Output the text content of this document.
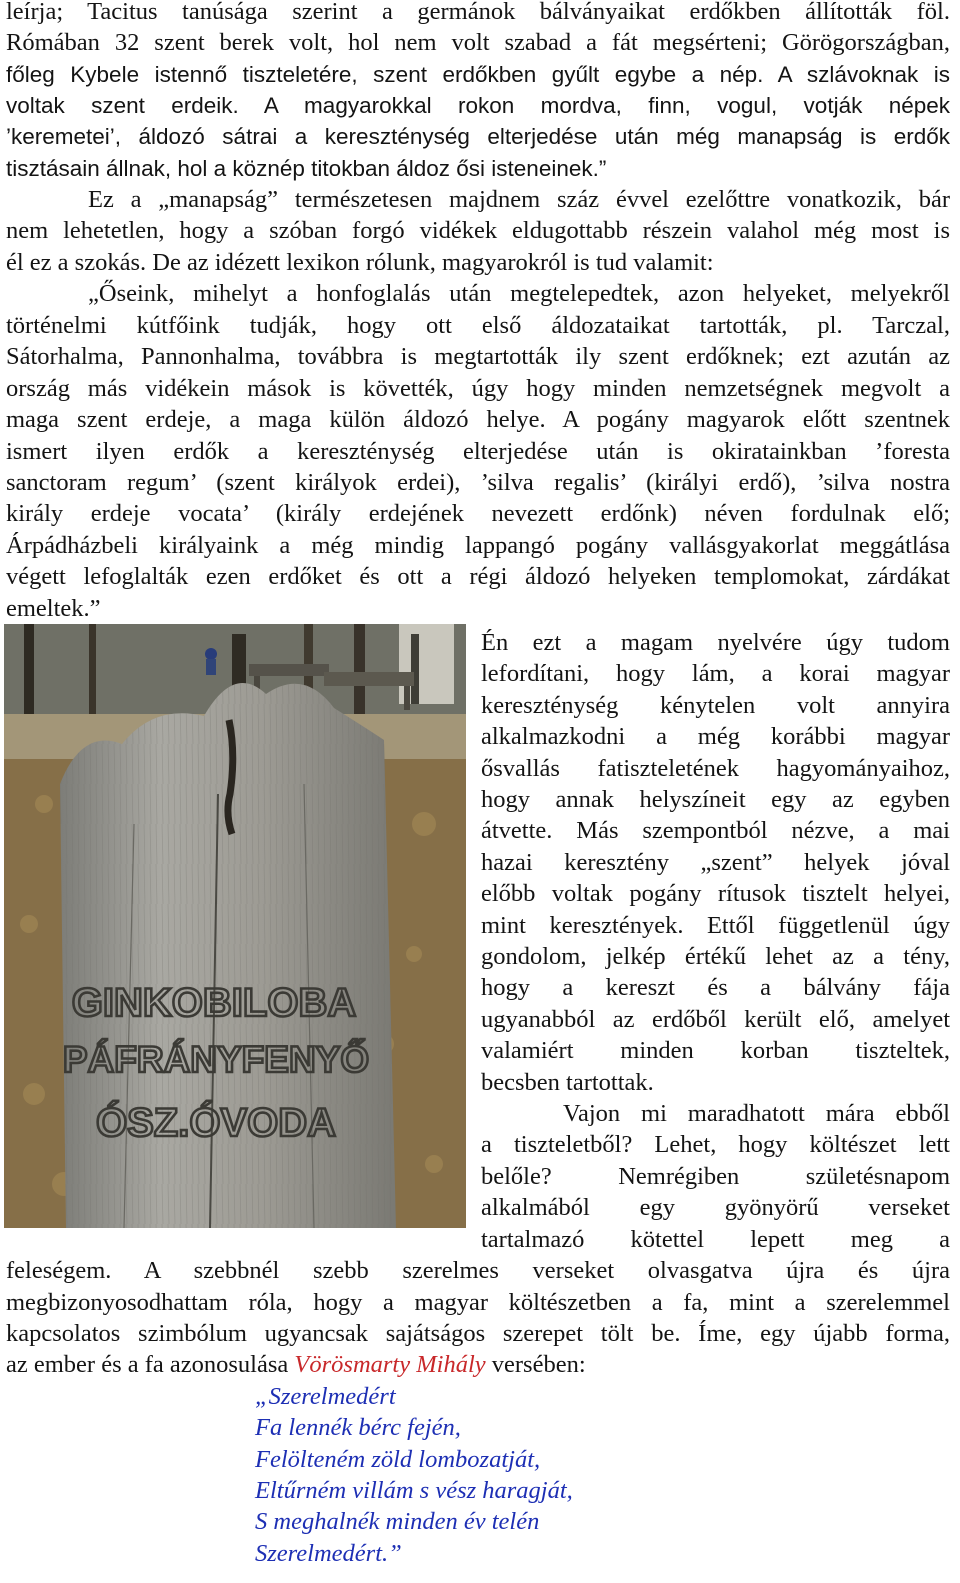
leírja; Tacitus tanúsága szerint a germánok bálványaikat erdőkben állították föl.
Rómában 32 szent berek volt, hol nem volt szabad a fát megsérteni; Görögországban,
főleg Kybele istennő tiszteletére, szent erdőkben gyűlt egybe a nép. A szlávoknak is
voltak szent erdeik. A magyarokkal rokon mordva, finn, vogul, votják népek
’keremetei’, áldozó sátrai a kereszténység elterjedése után még manapság is erdők
tisztásain állnak, hol a köznép titokban áldoz ősi isteneinek.”
Ez a „manapság” természetesen majdnem száz évvel ezelőttre vonatkozik, bár
nem lehetetlen, hogy a szóban forgó vidékek eldugottabb részein valahol még most is
él ez a szokás. De az idézett lexikon rólunk, magyarokról is tud valamit:
„Őseink, mihelyt a honfoglalás után megtelepedtek, azon helyeket, melyekről
történelmi kútfőink tudják, hogy ott első áldozataikat tartották, pl. Tarczal,
Sátorhalma, Pannonhalma, továbbra is megtartották ily szent erdőknek; ezt azután az
ország más vidékein mások is követték, úgy hogy minden nemzetségnek megvolt a
maga szent erdeje, a maga külön áldozó helye. A pogány magyarok előtt szentnek
ismert ilyen erdők a kereszténység elterjedése után is okiratainkban ’foresta
sanctoram regum’ (szent királyok erdei), ’silva regalis’ (királyi erdő), ’silva nostra
király erdeje vocata’ (király erdejének nevezett erdőnk) néven fordulnak elő;
Árpádházbeli királyaink a még mindig lappangó pogány vallásgyakorlat meggátlása
végett lefoglalták ezen erdőket és ott a régi áldozó helyeken templomokat, zárdákat
emeltek.”
GINKOBILOBA
PÁFRÁNYFENYŐ
ÓSZ.ÓVODA
Én ezt a magam nyelvére úgy tudom
lefordítani, hogy lám, a korai magyar
kereszténység kénytelen volt annyira
alkalmazkodni a még korábbi magyar
ősvallás fatiszteletének hagyományaihoz,
hogy annak helyszíneit egy az egyben
átvette. Más szempontból nézve, a mai
hazai keresztény „szent” helyek jóval
előbb voltak pogány rítusok tisztelt helyei,
mint keresztények. Ettől függetlenül úgy
gondolom, jelkép értékű lehet az a tény,
hogy a kereszt és a bálvány fája
ugyanabból az erdőből került elő, amelyet
valamiért minden korban tiszteltek,
becsben tartottak.
Vajon mi maradhatott mára ebből
a tiszteletből? Lehet, hogy költészet lett
belőle? Nemrégiben születésnapom
alkalmából egy gyönyörű verseket
tartalmazó kötettel lepett meg a
feleségem. A szebbnél szebb szerelmes verseket olvasgatva újra és újra
megbizonyosodhattam róla, hogy a magyar költészetben a fa, mint a szerelemmel
kapcsolatos szimbólum ugyancsak sajátságos szerepet tölt be. Íme, egy újabb forma,
az ember és a fa azonosulása Vörösmarty Mihály versében:
„Szerelmedért
Fa lennék bérc fején,
Felölteném zöld lombozatját,
Eltűrném villám s vész haragját,
S meghalnék minden év telén
Szerelmedért.”
